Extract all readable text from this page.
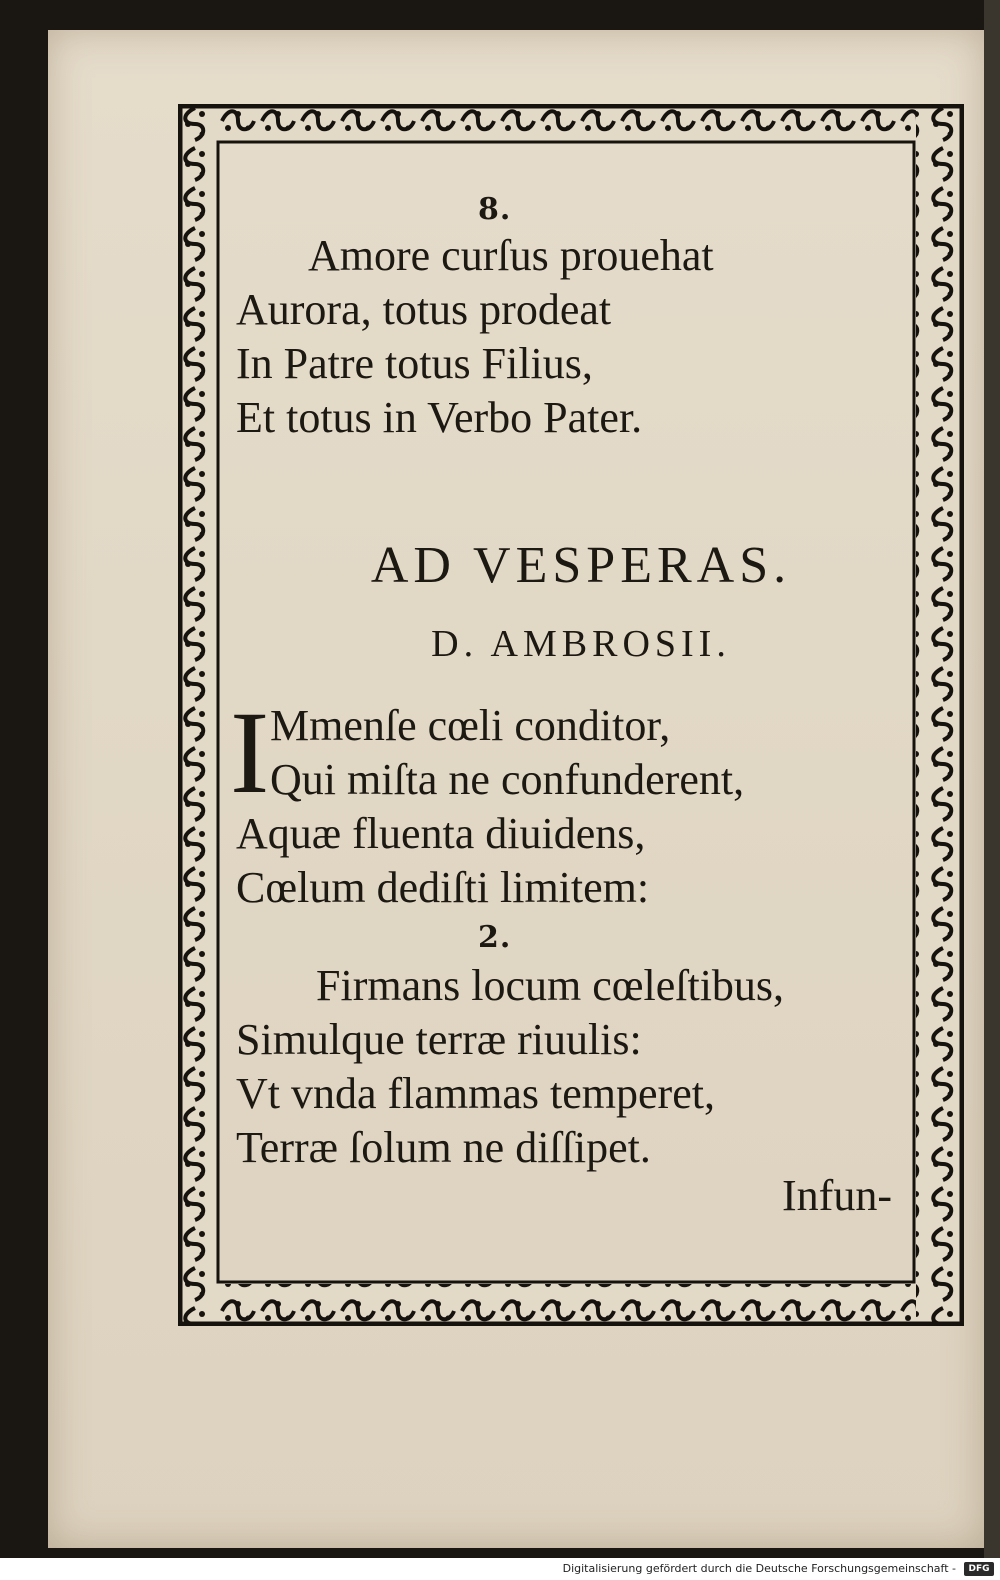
8.
Amore curſus prouehat
Aurora, totus prodeat
In Patre totus Filius,
Et totus in Verbo Pater.
AD VESPERAS.
D. AMBROSII.
I Mmenſe cœli conditor,
Qui miſta ne confunderent,
Aquæ fluenta diuidens,
Cœlum dediſti limitem:
2.
Firmans locum cœleſtibus,
Simulque terræ riuulis:
Vt vnda flammas temperet,
Terræ ſolum ne diſſipet.
Infun-
Digitalisierung gefördert durch die Deutsche Forschungsgemeinschaft -	DFG
